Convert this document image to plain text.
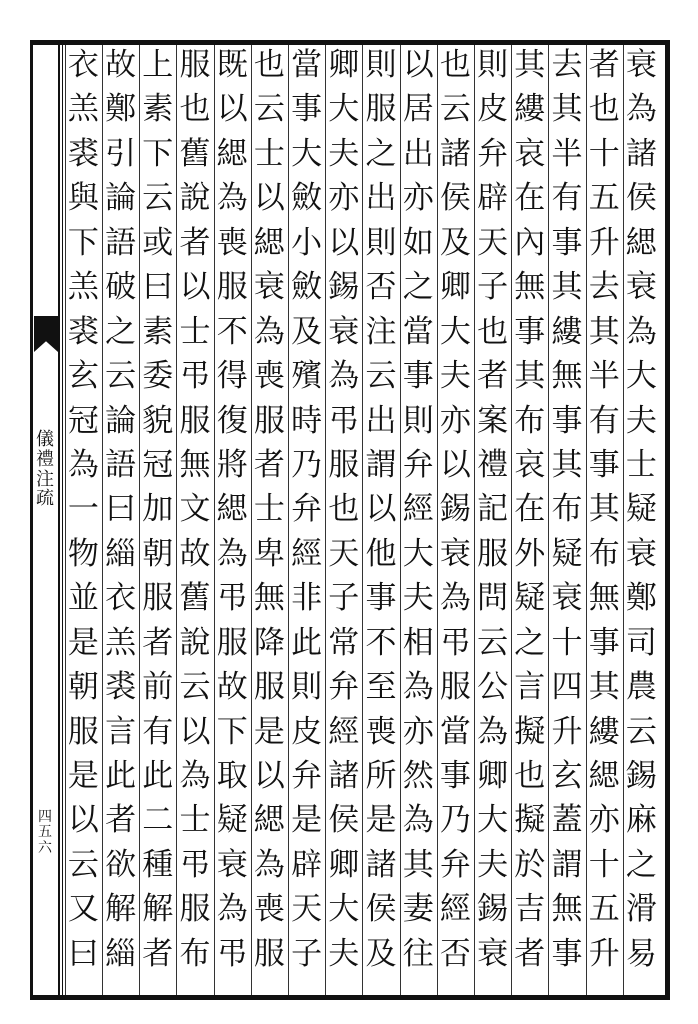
儀
禮
注
疏
四
五
六
衰
為
諸
侯
緦
衰
為
大
夫
士
疑
衰
鄭
司
農
云
錫
麻
之
滑
易
者
也
十
五
升
去
其
半
有
事
其
布
無
事
其
縷
緦
亦
十
五
升
去
其
半
有
事
其
縷
無
事
其
布
疑
衰
十
四
升
玄
蓋
謂
無
事
其
縷
哀
在
內
無
事
其
布
哀
在
外
疑
之
言
擬
也
擬
於
吉
者
則
皮
弁
辟
天
子
也
者
案
禮
記
服
問
云
公
為
卿
大
夫
錫
衰
也
云
諸
侯
及
卿
大
夫
亦
以
錫
衰
為
弔
服
當
事
乃
弁
經
否
以
居
出
亦
如
之
當
事
則
弁
經
大
夫
相
為
亦
然
為
其
妻
往
則
服
之
出
則
否
注
云
出
謂
以
他
事
不
至
喪
所
是
諸
侯
及
卿
大
夫
亦
以
錫
衰
為
弔
服
也
天
子
常
弁
經
諸
侯
卿
大
夫
當
事
大
斂
小
斂
及
殯
時
乃
弁
經
非
此
則
皮
弁
是
辟
天
子
也
云
士
以
緦
衰
為
喪
服
者
士
卑
無
降
服
是
以
緦
為
喪
服
既
以
緦
為
喪
服
不
得
復
將
緦
為
弔
服
故
下
取
疑
衰
為
弔
服
也
舊
說
者
以
士
弔
服
無
文
故
舊
說
云
以
為
士
弔
服
布
上
素
下
云
或
曰
素
委
貌
冠
加
朝
服
者
前
有
此
二
種
解
者
故
鄭
引
論
語
破
之
云
論
語
曰
緇
衣
羔
裘
言
此
者
欲
解
緇
衣
羔
裘
與
下
羔
裘
玄
冠
為
一
物
並
是
朝
服
是
以
云
又
曰
